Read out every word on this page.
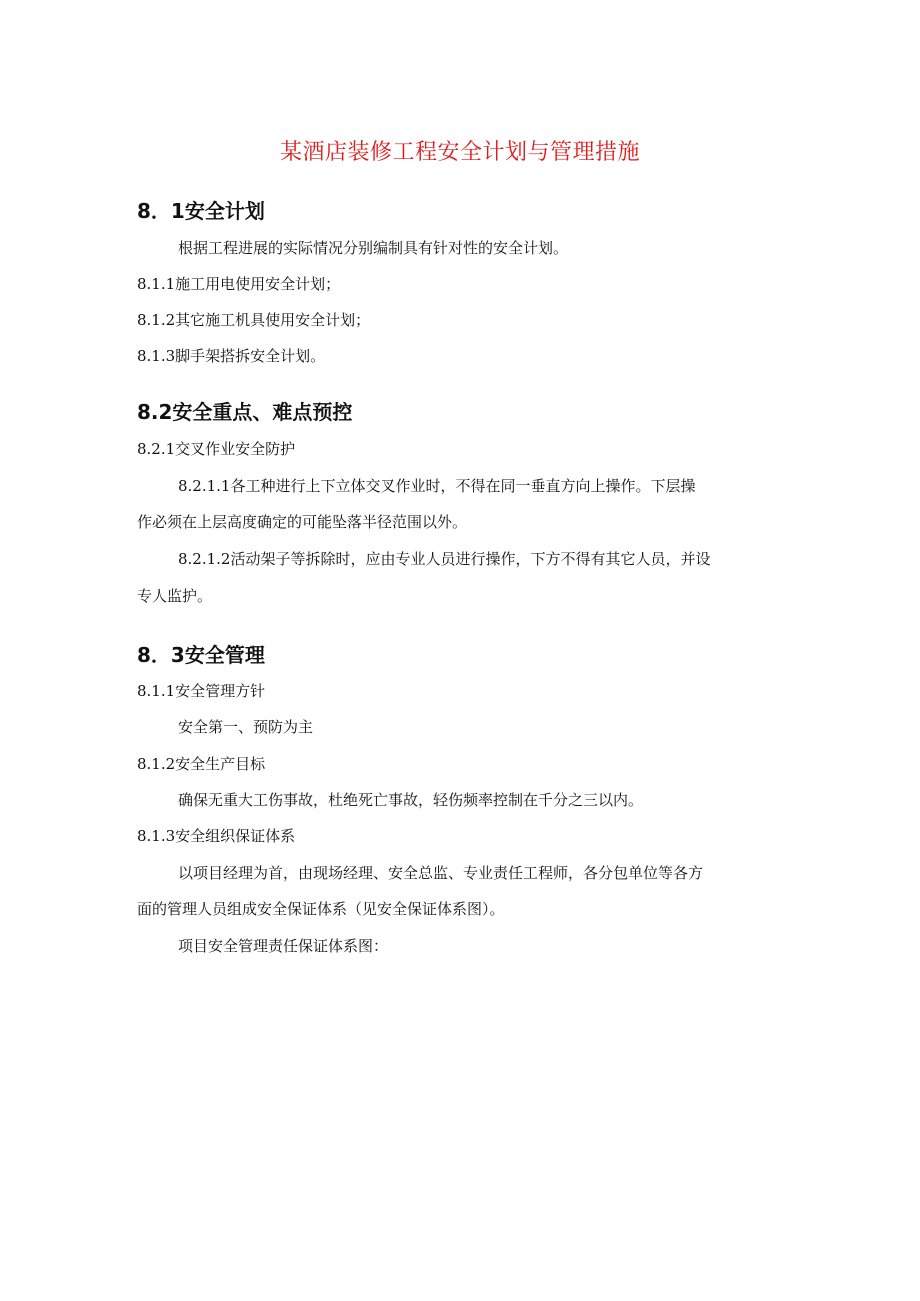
某酒店装修工程安全计划与管理措施
8．1安全计划
根据工程进展的实际情况分别编制具有针对性的安全计划。
8.1.1施工用电使用安全计划；
8.1.2其它施工机具使用安全计划；
8.1.3脚手架搭拆安全计划。
8.2安全重点、难点预控
8.2.1交叉作业安全防护
8.2.1.1各工种进行上下立体交叉作业时，不得在同一垂直方向上操作。下层操
作必须在上层高度确定的可能坠落半径范围以外。
8.2.1.2活动架子等拆除时，应由专业人员进行操作，下方不得有其它人员，并设
专人监护。
8．3安全管理
8.1.1安全管理方针
安全第一、预防为主
8.1.2安全生产目标
确保无重大工伤事故，杜绝死亡事故，轻伤频率控制在千分之三以内。
8.1.3安全组织保证体系
以项目经理为首，由现场经理、安全总监、专业责任工程师，各分包单位等各方
面的管理人员组成安全保证体系（见安全保证体系图）。
项目安全管理责任保证体系图：
